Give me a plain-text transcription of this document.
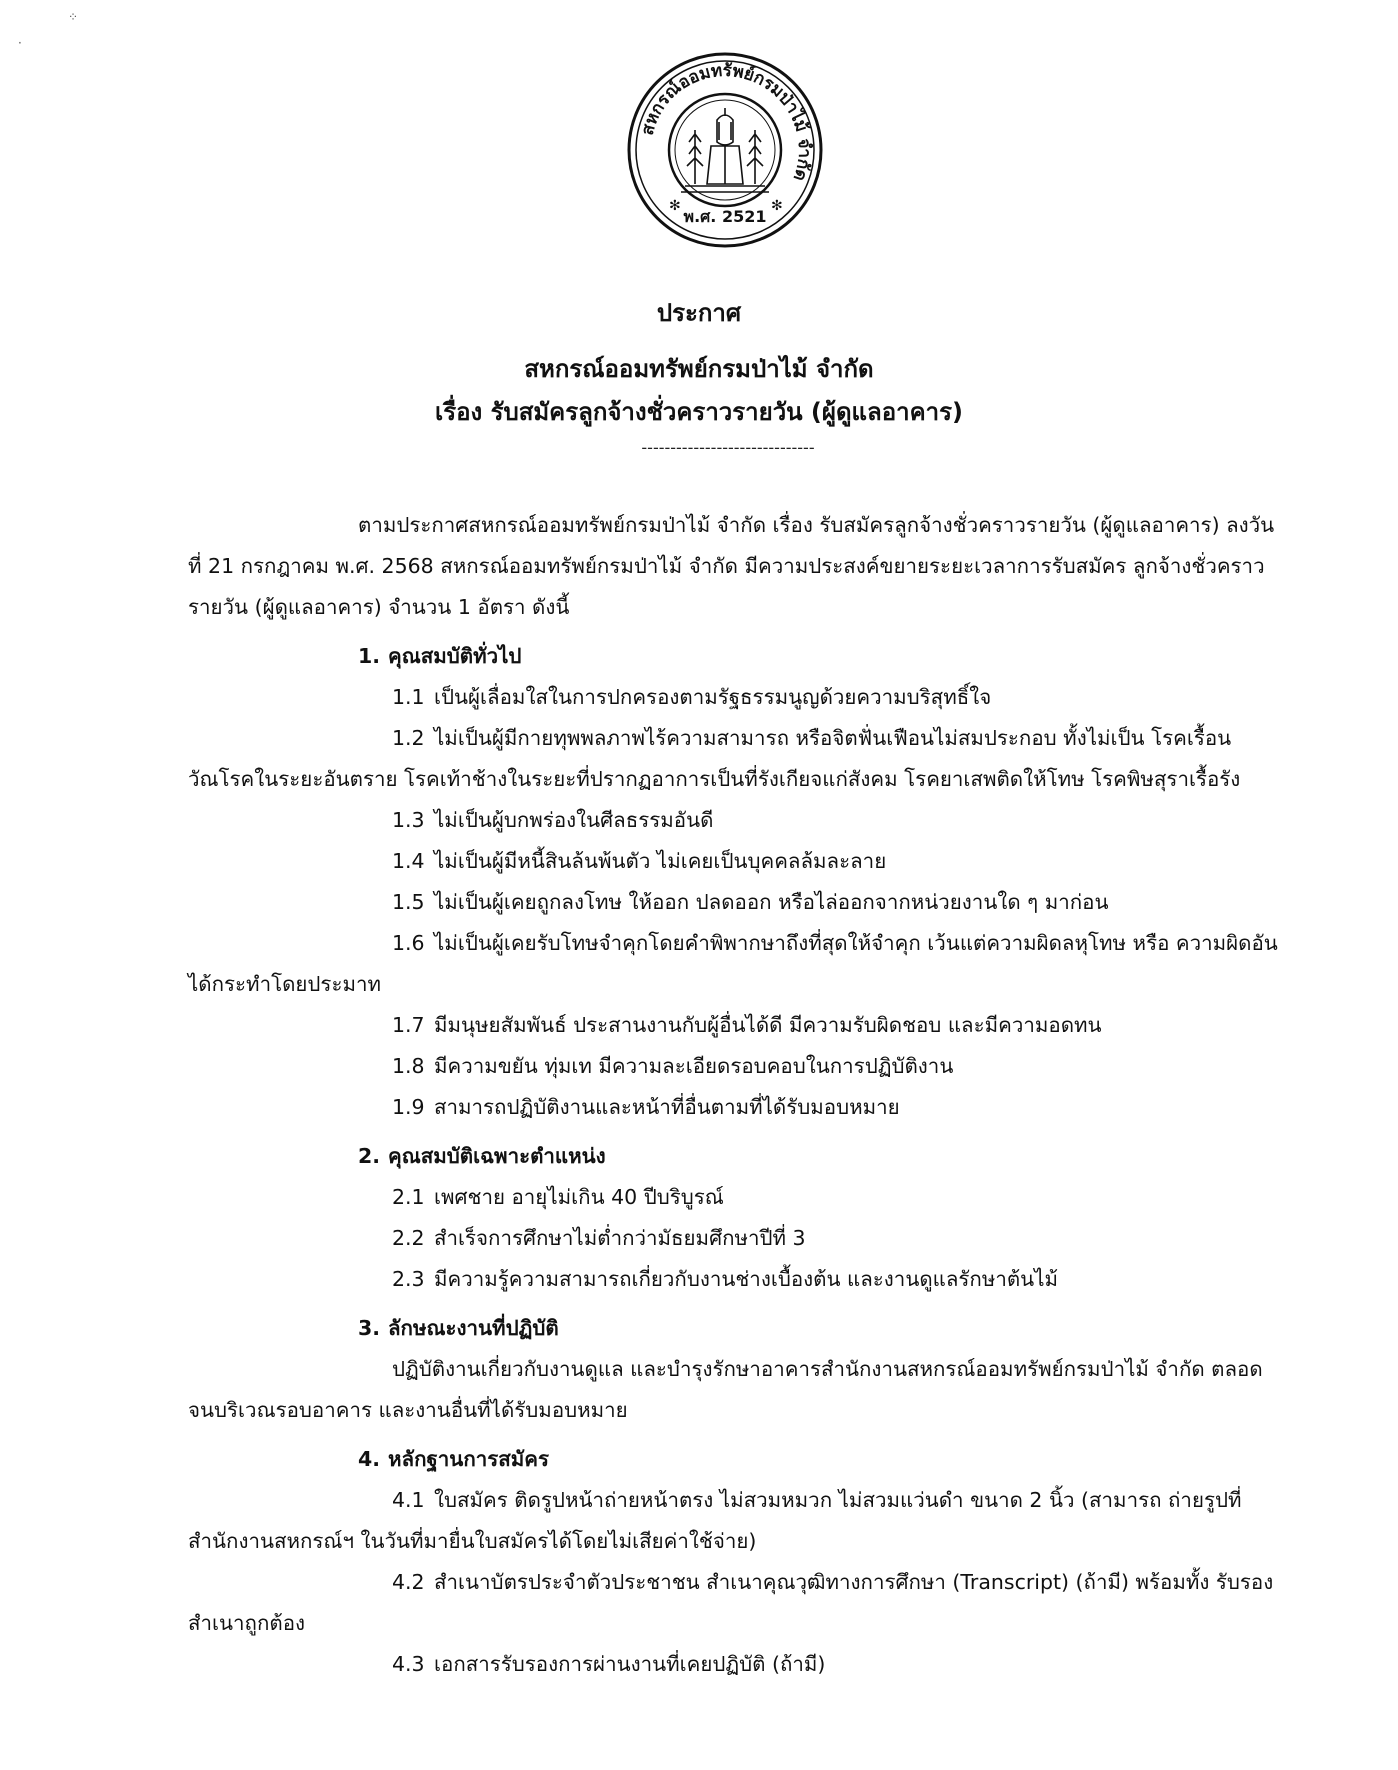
สหกรณ์ออมทรัพย์กรมป่าไม้ จำกัด
พ.ศ. 2521
✻	✻
⁘
·
ประกาศ
สหกรณ์ออมทรัพย์กรมป่าไม้ จำกัด
เรื่อง รับสมัครลูกจ้างชั่วคราวรายวัน (ผู้ดูแลอาคาร)
------------------------------

ตามประกาศสหกรณ์ออมทรัพย์กรมป่าไม้ จำกัด เรื่อง รับสมัครลูกจ้างชั่วคราวรายวัน (ผู้ดูแลอาคาร) ลงวันที่ 21 กรกฎาคม พ.ศ. 2568 สหกรณ์ออมทรัพย์กรมป่าไม้ จำกัด มีความประสงค์ขยายระยะเวลาการรับสมัคร ลูกจ้างชั่วคราวรายวัน (ผู้ดูแลอาคาร) จำนวน 1 อัตรา ดังนี้

1. คุณสมบัติทั่วไป

1.1 เป็นผู้เลื่อมใสในการปกครองตามรัฐธรรมนูญด้วยความบริสุทธิ์ใจ

1.2 ไม่เป็นผู้มีกายทุพพลภาพไร้ความสามารถ หรือจิตฟั่นเฟือนไม่สมประกอบ ทั้งไม่เป็น โรคเรื้อน วัณโรคในระยะอันตราย โรคเท้าช้างในระยะที่ปรากฏอาการเป็นที่รังเกียจแก่สังคม โรคยาเสพติดให้โทษ โรคพิษสุราเรื้อรัง

1.3 ไม่เป็นผู้บกพร่องในศีลธรรมอันดี

1.4 ไม่เป็นผู้มีหนี้สินล้นพ้นตัว ไม่เคยเป็นบุคคลล้มละลาย

1.5 ไม่เป็นผู้เคยถูกลงโทษ ให้ออก ปลดออก หรือไล่ออกจากหน่วยงานใด ๆ มาก่อน

1.6 ไม่เป็นผู้เคยรับโทษจำคุกโดยคำพิพากษาถึงที่สุดให้จำคุก เว้นแต่ความผิดลหุโทษ หรือ ความผิดอันได้กระทำโดยประมาท

1.7 มีมนุษยสัมพันธ์ ประสานงานกับผู้อื่นได้ดี มีความรับผิดชอบ และมีความอดทน

1.8 มีความขยัน ทุ่มเท มีความละเอียดรอบคอบในการปฏิบัติงาน

1.9 สามารถปฏิบัติงานและหน้าที่อื่นตามที่ได้รับมอบหมาย

2. คุณสมบัติเฉพาะตำแหน่ง

2.1 เพศชาย อายุไม่เกิน 40 ปีบริบูรณ์

2.2 สำเร็จการศึกษาไม่ต่ำกว่ามัธยมศึกษาปีที่ 3

2.3 มีความรู้ความสามารถเกี่ยวกับงานช่างเบื้องต้น และงานดูแลรักษาต้นไม้

3. ลักษณะงานที่ปฏิบัติ

ปฏิบัติงานเกี่ยวกับงานดูแล และบำรุงรักษาอาคารสำนักงานสหกรณ์ออมทรัพย์กรมป่าไม้ จำกัด ตลอดจนบริเวณรอบอาคาร และงานอื่นที่ได้รับมอบหมาย

4. หลักฐานการสมัคร

4.1 ใบสมัคร ติดรูปหน้าถ่ายหน้าตรง ไม่สวมหมวก ไม่สวมแว่นดำ ขนาด 2 นิ้ว (สามารถ ถ่ายรูปที่สำนักงานสหกรณ์ฯ ในวันที่มายื่นใบสมัครได้โดยไม่เสียค่าใช้จ่าย)

4.2 สำเนาบัตรประจำตัวประชาชน สำเนาคุณวุฒิทางการศึกษา (Transcript) (ถ้ามี) พร้อมทั้ง รับรองสำเนาถูกต้อง

4.3 เอกสารรับรองการผ่านงานที่เคยปฏิบัติ (ถ้ามี)
